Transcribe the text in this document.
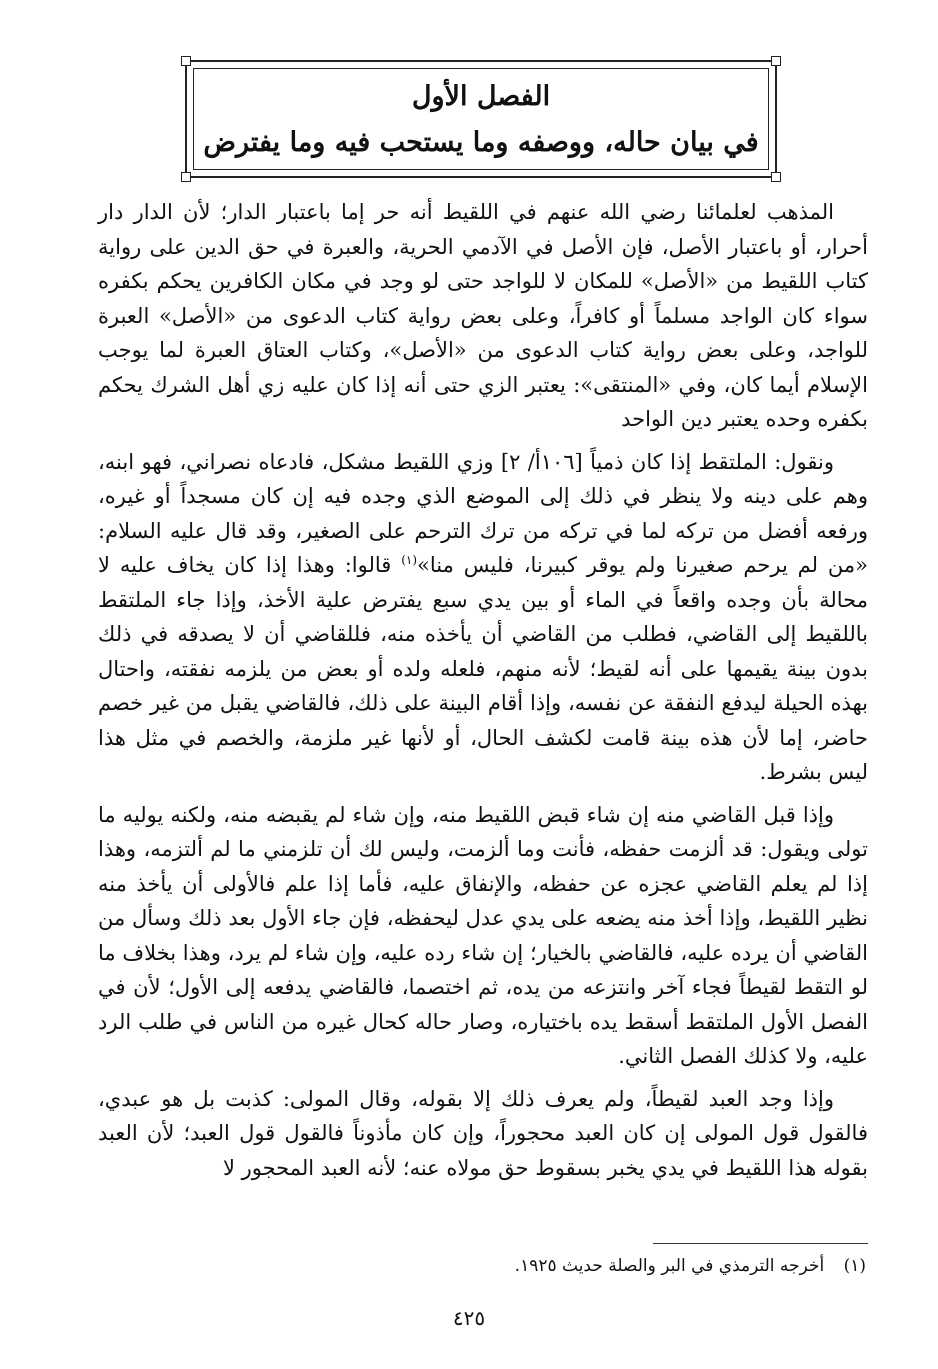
الفصل الأول
في بيان حاله، ووصفه وما يستحب فيه وما يفترض

المذهب لعلمائنا رضي الله عنهم في اللقيط أنه حر إما باعتبار الدار؛ لأن الدار دار أحرار، أو باعتبار الأصل، فإن الأصل في الآدمي الحرية، والعبرة في حق الدين على رواية كتاب اللقيط من «الأصل» للمكان لا للواجد حتى لو وجد في مكان الكافرين يحكم بكفره سواء كان الواجد مسلماً أو كافراً، وعلى بعض رواية كتاب الدعوى من «الأصل» العبرة للواجد، وعلى بعض رواية كتاب الدعوى من «الأصل»، وكتاب العتاق العبرة لما يوجب الإسلام أيما كان، وفي «المنتقى»: يعتبر الزي حتى أنه إذا كان عليه زي أهل الشرك يحكم بكفره وحده يعتبر دين الواحد

ونقول: الملتقط إذا كان ذمياً [١٠٦أ/ ٢] وزي اللقيط مشكل، فادعاه نصراني، فهو ابنه، وهم على دينه ولا ينظر في ذلك إلى الموضع الذي وجده فيه إن كان مسجداً أو غيره، ورفعه أفضل من تركه لما في تركه من ترك الترحم على الصغير، وقد قال عليه السلام: «من لم يرحم صغيرنا ولم يوقر كبيرنا، فليس منا»$^{(١)}$ قالوا: وهذا إذا كان يخاف عليه لا محالة بأن وجده واقعاً في الماء أو بين يدي سبع يفترض علية الأخذ، وإذا جاء الملتقط باللقيط إلى القاضي، فطلب من القاضي أن يأخذه منه، فللقاضي أن لا يصدقه في ذلك بدون بينة يقيمها على أنه لقيط؛ لأنه منهم، فلعله ولده أو بعض من يلزمه نفقته، واحتال بهذه الحيلة ليدفع النفقة عن نفسه، وإذا أقام البينة على ذلك، فالقاضي يقبل من غير خصم حاضر، إما لأن هذه بينة قامت لكشف الحال، أو لأنها غير ملزمة، والخصم في مثل هذا ليس بشرط.

وإذا قبل القاضي منه إن شاء قبض اللقيط منه، وإن شاء لم يقبضه منه، ولكنه يوليه ما تولى ويقول: قد ألزمت حفظه، فأنت وما ألزمت، وليس لك أن تلزمني ما لم ألتزمه، وهذا إذا لم يعلم القاضي عجزه عن حفظه، والإنفاق عليه، فأما إذا علم فالأولى أن يأخذ منه نظير اللقيط، وإذا أخذ منه يضعه على يدي عدل ليحفظه، فإن جاء الأول بعد ذلك وسأل من القاضي أن يرده عليه، فالقاضي بالخيار؛ إن شاء رده عليه، وإن شاء لم يرد، وهذا بخلاف ما لو التقط لقيطاً فجاء آخر وانتزعه من يده، ثم اختصما، فالقاضي يدفعه إلى الأول؛ لأن في الفصل الأول الملتقط أسقط يده باختياره، وصار حاله كحال غيره من الناس في طلب الرد عليه، ولا كذلك الفصل الثاني.

وإذا وجد العبد لقيطاً، ولم يعرف ذلك إلا بقوله، وقال المولى: كذبت بل هو عبدي، فالقول قول المولى إن كان العبد محجوراً، وإن كان مأذوناً فالقول قول العبد؛ لأن العبد بقوله هذا اللقيط في يدي يخبر بسقوط حق مولاه عنه؛ لأنه العبد المحجور لا

(١) أخرجه الترمذي في البر والصلة حديث ١٩٢٥.
٤٢٥
